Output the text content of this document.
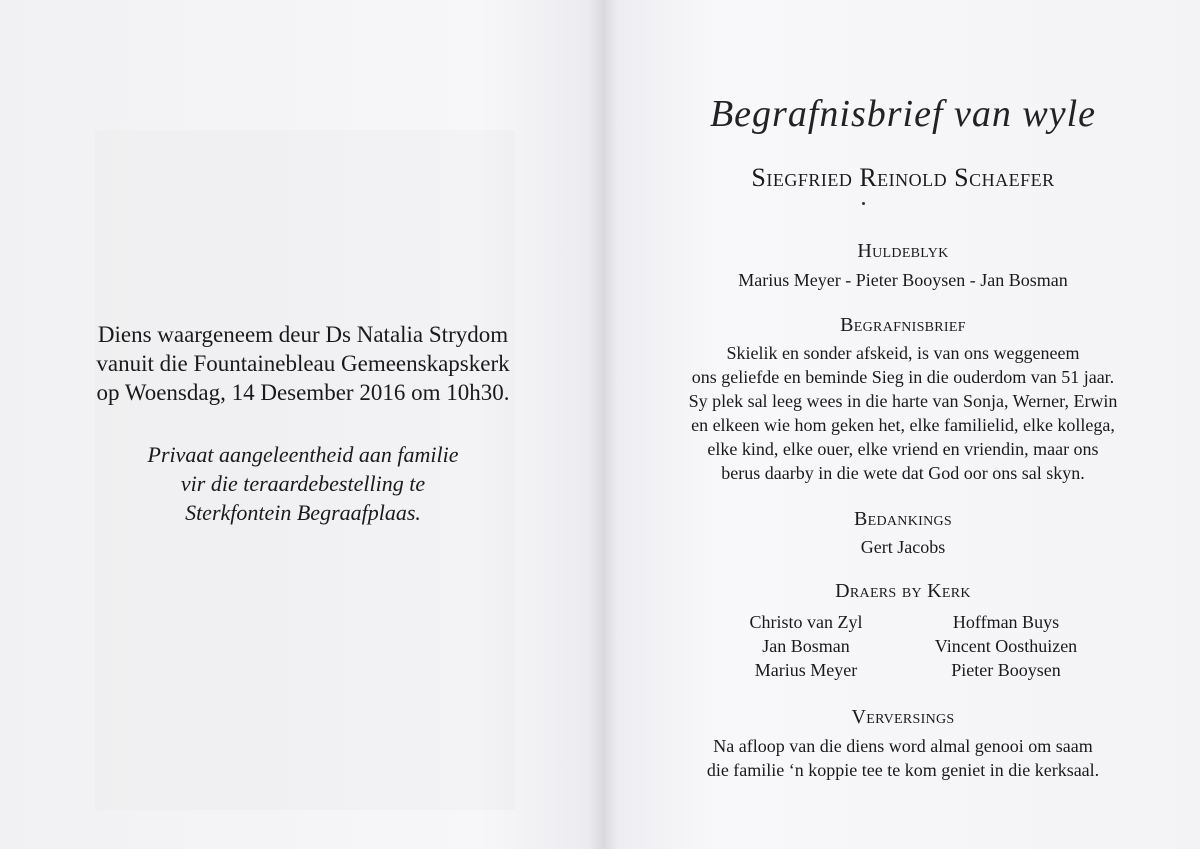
Diens waargeneem deur Ds Natalia Strydom
vanuit die Fountainebleau Gemeenskapskerk
op Woensdag, 14 Desember 2016 om 10h30.
Privaat aangeleentheid aan familie
vir die teraardebestelling te
Sterkfontein Begraafplaas.
Begrafnisbrief van wyle
Siegfried Reinold Schaefer
Huldeblyk
Marius Meyer - Pieter Booysen - Jan Bosman
Begrafnisbrief
Skielik en sonder afskeid, is van ons weggeneem
ons geliefde en beminde Sieg in die ouderdom van 51 jaar.
Sy plek sal leeg wees in die harte van Sonja, Werner, Erwin
en elkeen wie hom geken het, elke familielid, elke kollega,
elke kind, elke ouer, elke vriend en vriendin, maar ons
berus daarby in die wete dat God oor ons sal skyn.
Bedankings
Gert Jacobs
Draers by Kerk
Christo van Zyl
Jan Bosman
Marius Meyer
Hoffman Buys
Vincent Oosthuizen
Pieter Booysen
Verversings
Na afloop van die diens word almal genooi om saam
die familie ‘n koppie tee te kom geniet in die kerksaal.
